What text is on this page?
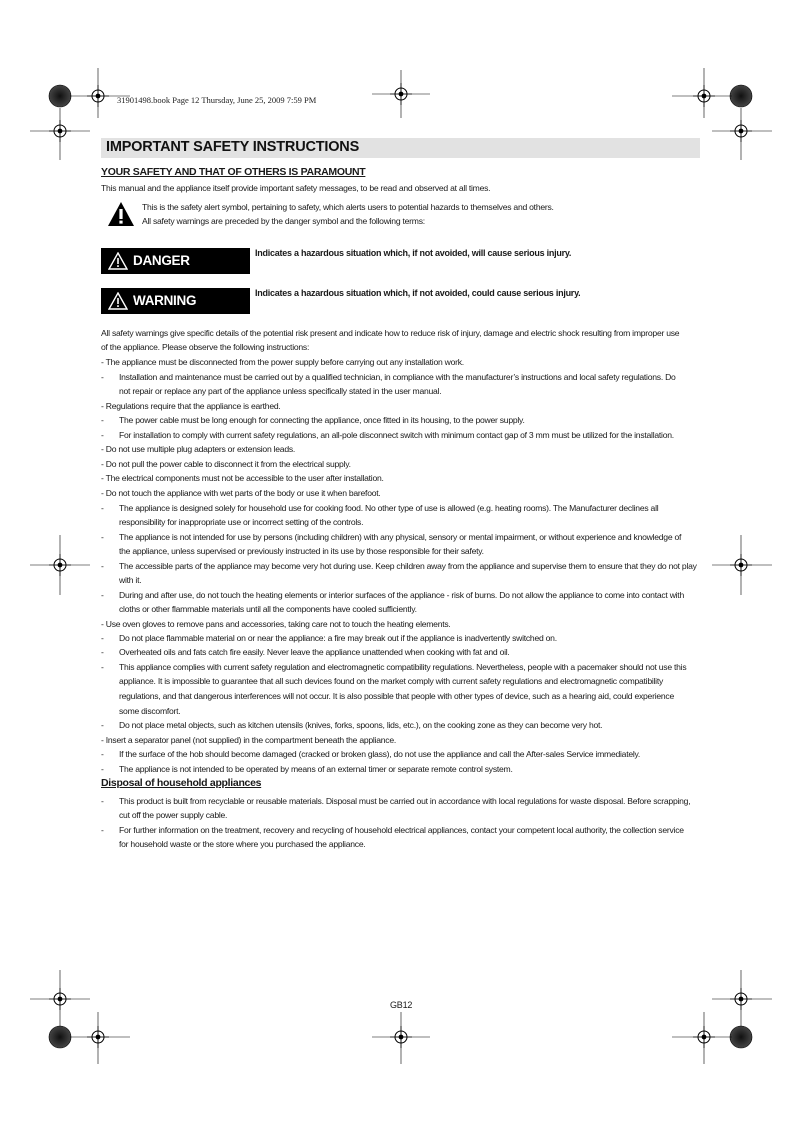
31901498.book Page 12 Thursday, June 25, 2009 7:59 PM
IMPORTANT SAFETY INSTRUCTIONS
YOUR SAFETY AND THAT OF OTHERS IS PARAMOUNT
This manual and the appliance itself provide important safety messages, to be read and observed at all times.
This is the safety alert symbol, pertaining to safety, which alerts users to potential hazards to themselves and others.
All safety warnings are preceded by the danger symbol and the following terms:
DANGER	Indicates a hazardous situation which, if not avoided, will cause serious injury.
WARNING	Indicates a hazardous situation which, if not avoided, could cause serious injury.
All safety warnings give specific details of the potential risk present and indicate how to reduce risk of injury, damage and electric shock resulting from improper use
of the appliance. Please observe the following instructions:
- The appliance must be disconnected from the power supply before carrying out any installation work.
- Installation and maintenance must be carried out by a qualified technician, in compliance with the manufacturer’s instructions and local safety regulations. Do
not repair or replace any part of the appliance unless specifically stated in the user manual.
- Regulations require that the appliance is earthed.
- The power cable must be long enough for connecting the appliance, once fitted in its housing, to the power supply.
- For installation to comply with current safety regulations, an all-pole disconnect switch with minimum contact gap of 3 mm must be utilized for the installation.
- Do not use multiple plug adapters or extension leads.
- Do not pull the power cable to disconnect it from the electrical supply.
- The electrical components must not be accessible to the user after installation.
- Do not touch the appliance with wet parts of the body or use it when barefoot.
- The appliance is designed solely for household use for cooking food. No other type of use is allowed (e.g. heating rooms). The Manufacturer declines all
responsibility for inappropriate use or incorrect setting of the controls.
- The appliance is not intended for use by persons (including children) with any physical, sensory or mental impairment, or without experience and knowledge of
the appliance, unless supervised or previously instructed in its use by those responsible for their safety.
- The accessible parts of the appliance may become very hot during use. Keep children away from the appliance and supervise them to ensure that they do not play
with it.
- During and after use, do not touch the heating elements or interior surfaces of the appliance - risk of burns. Do not allow the appliance to come into contact with
cloths or other flammable materials until all the components have cooled sufficiently.
- Use oven gloves to remove pans and accessories, taking care not to touch the heating elements.
- Do not place flammable material on or near the appliance: a fire may break out if the appliance is inadvertently switched on.
- Overheated oils and fats catch fire easily. Never leave the appliance unattended when cooking with fat and oil.
- This appliance complies with current safety regulation and electromagnetic compatibility regulations. Nevertheless, people with a pacemaker should not use this
appliance. It is impossible to guarantee that all such devices found on the market comply with current safety regulations and electromagnetic compatibility
regulations, and that dangerous interferences will not occur. It is also possible that people with other types of device, such as a hearing aid, could experience
some discomfort.
- Do not place metal objects, such as kitchen utensils (knives, forks, spoons, lids, etc.), on the cooking zone as they can become very hot.
- Insert a separator panel (not supplied) in the compartment beneath the appliance.
- If the surface of the hob should become damaged (cracked or broken glass), do not use the appliance and call the After-sales Service immediately.
- The appliance is not intended to be operated by means of an external timer or separate remote control system.
Disposal of household appliances
- This product is built from recyclable or reusable materials. Disposal must be carried out in accordance with local regulations for waste disposal. Before scrapping,
cut off the power supply cable.
- For further information on the treatment, recovery and recycling of household electrical appliances, contact your competent local authority, the collection service
for household waste or the store where you purchased the appliance.
GB12
